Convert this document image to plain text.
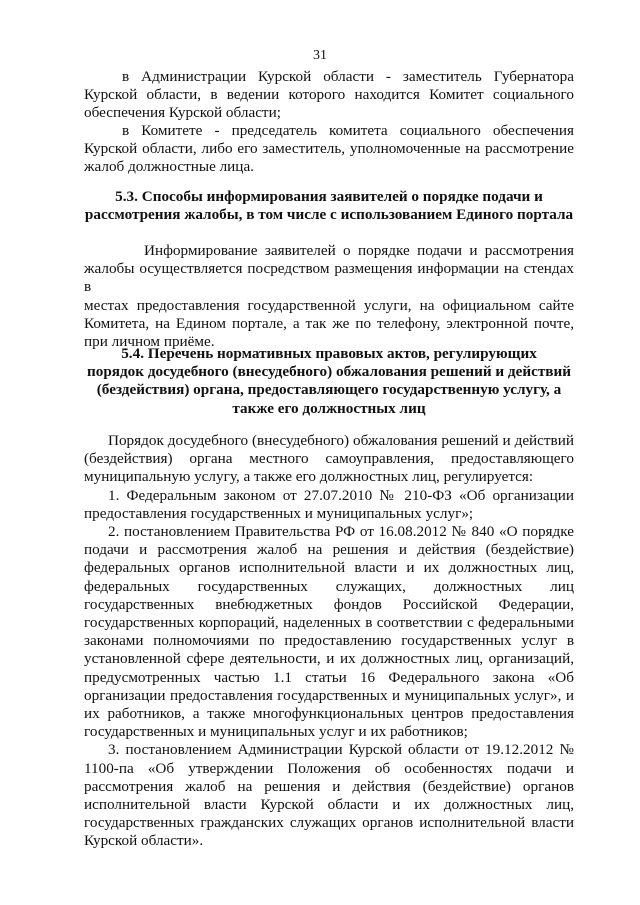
31
в Администрации Курской области - заместитель Губернатора
Курской области, в ведении которого находится Комитет социального
обеспечения Курской области;
в Комитете - председатель комитета социального обеспечения
Курской области, либо его заместитель, уполномоченные на рассмотрение
жалоб должностные лица.
5.3. Способы информирования заявителей о порядке подачи и
рассмотрения жалобы, в том числе с использованием Единого портала
Информирование заявителей о порядке подачи и рассмотрения
жалобы осуществляется посредством размещения информации на стендах в
местах предоставления государственной услуги, на официальном сайте
Комитета, на Едином портале, а так же по телефону, электронной почте,
при личном приёме.
5.4. Перечень нормативных правовых актов, регулирующих
порядок досудебного (внесудебного) обжалования решений и действий
(бездействия) органа, предоставляющего государственную услугу, а
также его должностных лиц
Порядок досудебного (внесудебного) обжалования решений и действий
(бездействия) органа местного самоуправления, предоставляющего
муниципальную услугу, а также его должностных лиц, регулируется:
1. Федеральным законом от 27.07.2010 № 210-ФЗ «Об организации
предоставления государственных и муниципальных услуг»;
2. постановлением Правительства РФ от 16.08.2012 № 840 «О порядке
подачи и рассмотрения жалоб на решения и действия (бездействие)
федеральных органов исполнительной власти и их должностных лиц,
федеральных государственных служащих, должностных лиц
государственных внебюджетных фондов Российской Федерации,
государственных корпораций, наделенных в соответствии с федеральными
законами полномочиями по предоставлению государственных услуг в
установленной сфере деятельности, и их должностных лиц, организаций,
предусмотренных частью 1.1 статьи 16 Федерального закона «Об
организации предоставления государственных и муниципальных услуг», и
их работников, а также многофункциональных центров предоставления
государственных и муниципальных услуг и их работников;
3. постановлением Администрации Курской области от 19.12.2012 №
1100-па «Об утверждении Положения об особенностях подачи и
рассмотрения жалоб на решения и действия (бездействие) органов
исполнительной власти Курской области и их должностных лиц,
государственных гражданских служащих органов исполнительной власти
Курской области».
